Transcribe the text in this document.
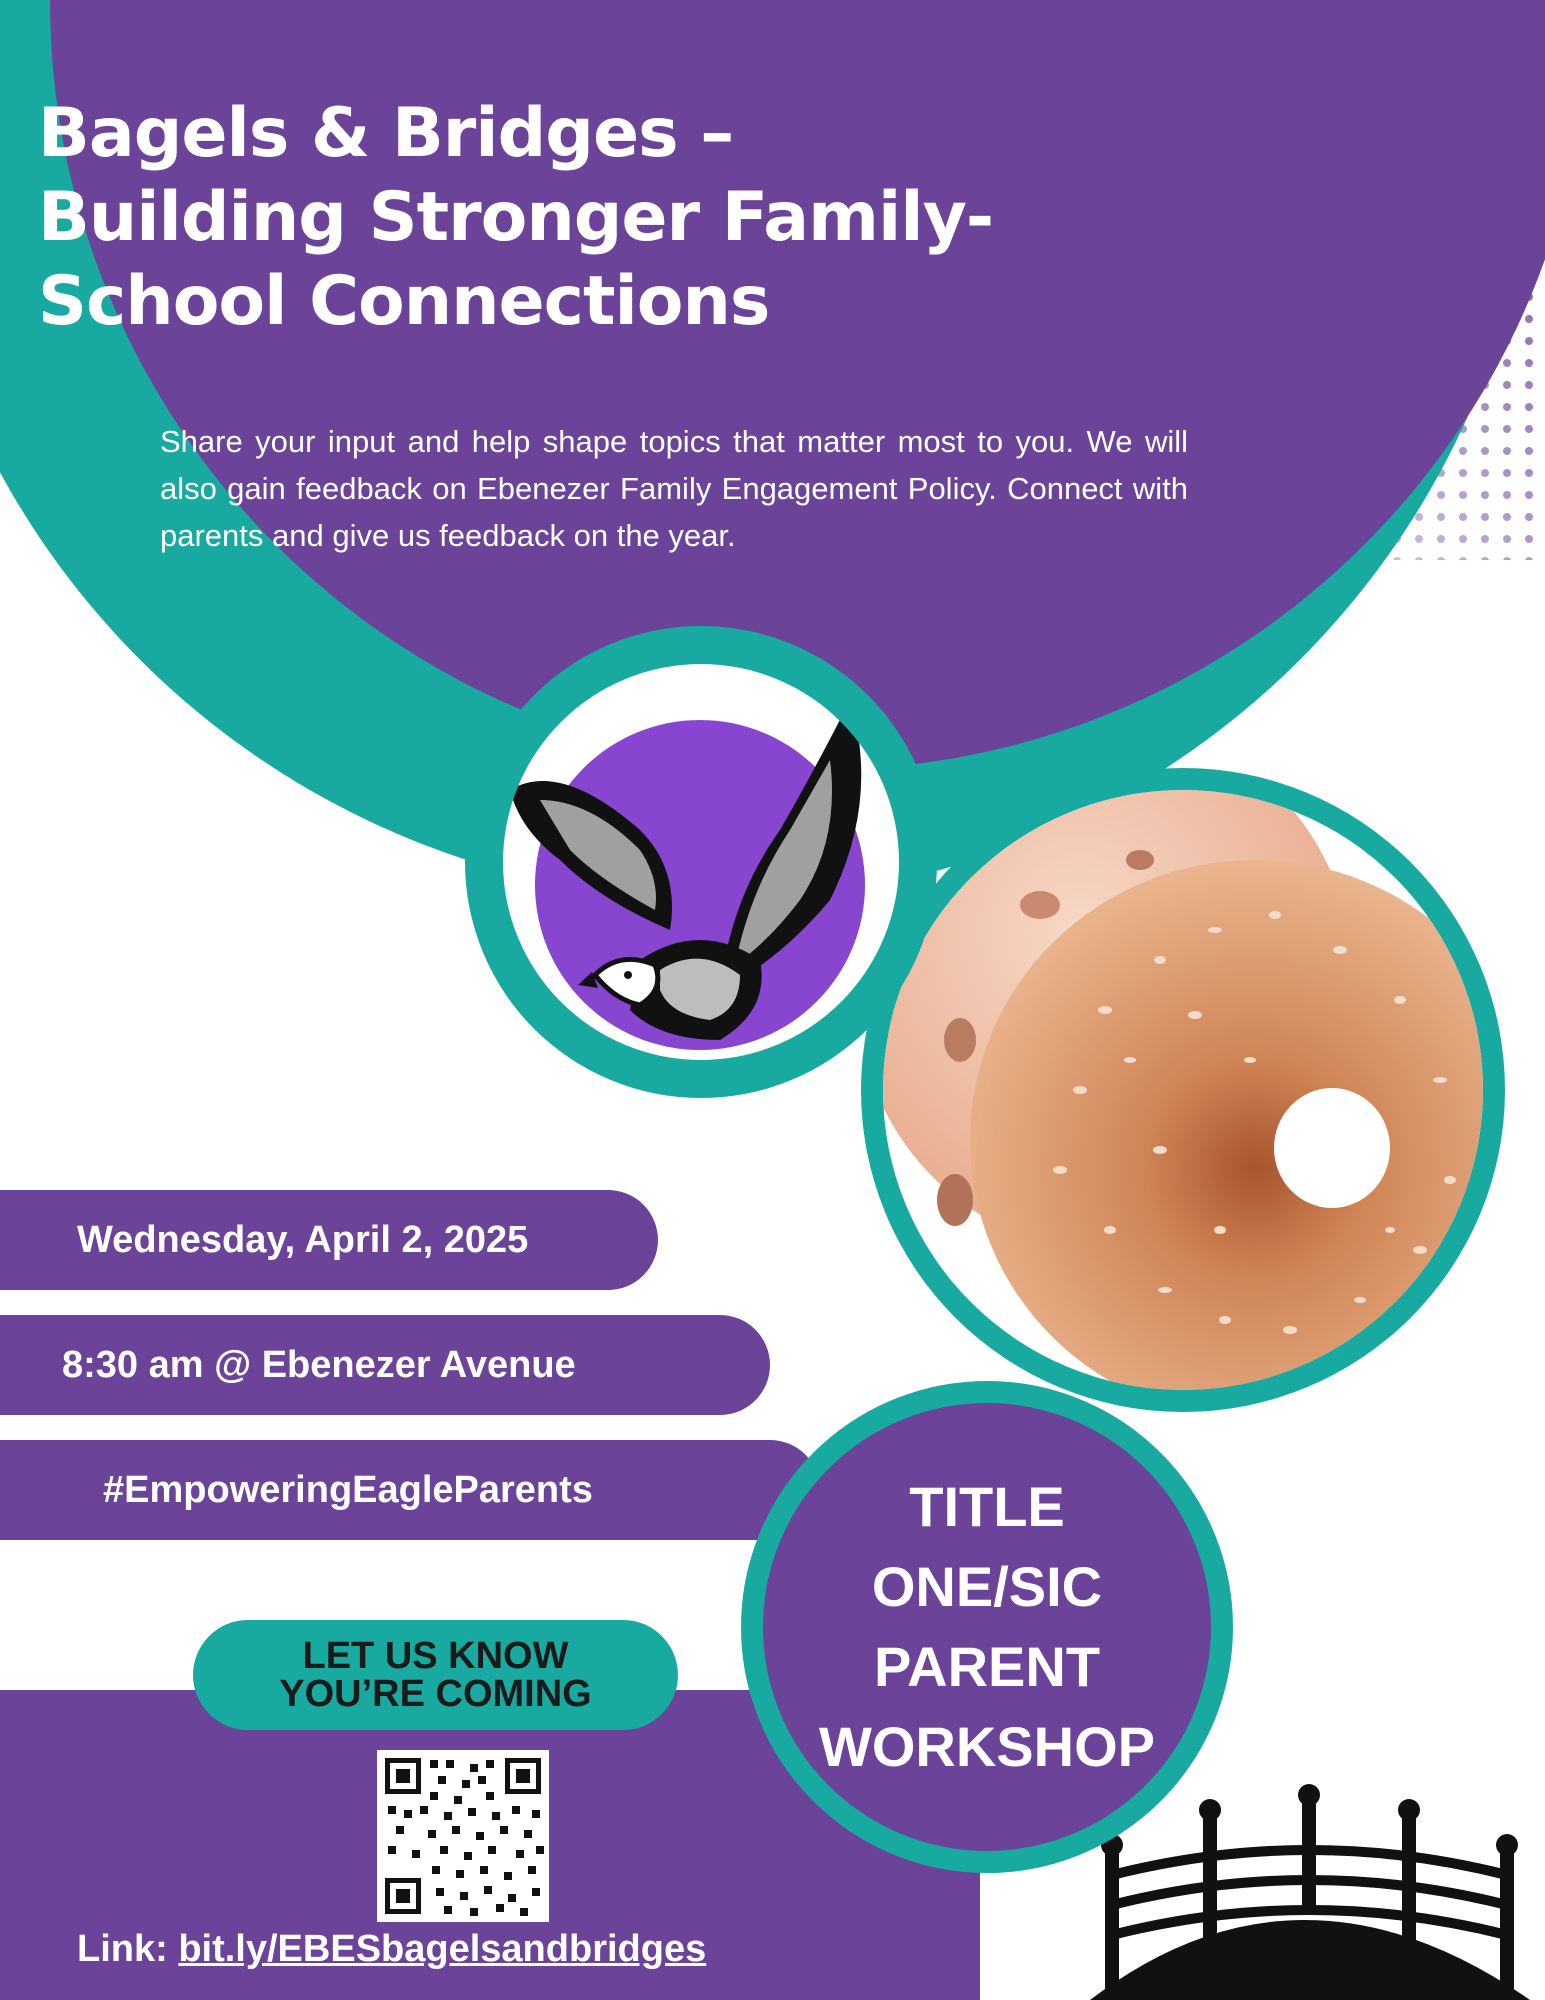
Bagels & Bridges –
Building Stronger Family-
School Connections

Share your input and help shape topics that matter most to you. We will also gain feedback on Ebenezer Family Engagement Policy. Connect with parents and give us feedback on the year.

Wednesday, April 2, 2025
8:30 am @ Ebenezer Avenue
#EmpoweringEagleParents
LET US KNOW
YOU’RE COMING
TITLE
ONE/SIC
PARENT
WORKSHOP
Link: bit.ly/EBESbagelsandbridges
